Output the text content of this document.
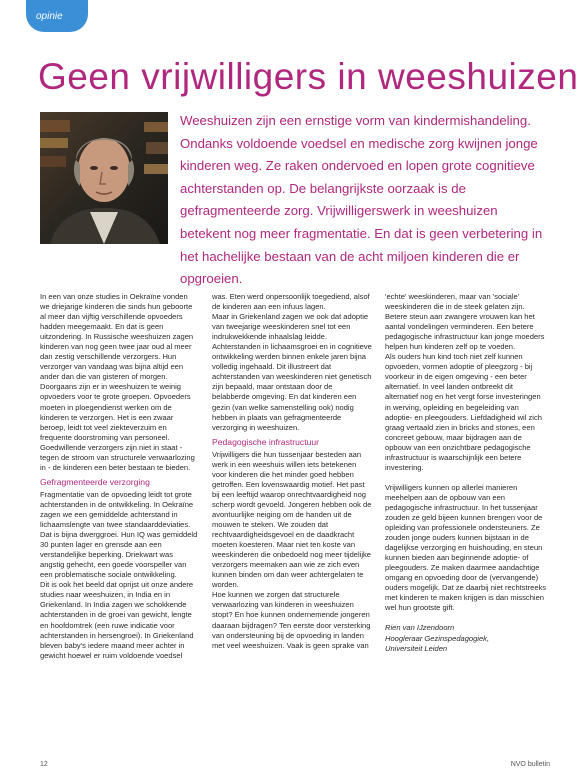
opinie
Geen vrijwilligers in weeshuizen
Weeshuizen zijn een ernstige vorm van kindermishandeling. Ondanks voldoende voedsel en medische zorg kwijnen jonge kinderen weg. Ze raken ondervoed en lopen grote cognitieve achterstanden op. De belangrijkste oorzaak is de gefragmenteerde zorg. Vrijwilligerswerk in weeshuizen betekent nog meer fragmentatie. En dat is geen verbetering in het hachelijke bestaan van de acht miljoen kinderen die er opgroeien.

In een van onze studies in Oekraïne vonden we driejarige kinderen die sinds hun geboorte al meer dan vijftig verschillende opvoeders hadden meegemaakt. En dat is geen uitzondering. In Russische weeshuizen zagen kinderen van nog geen twee jaar oud al meer dan zestig verschillende verzorgers. Hun verzorger van vandaag was bijna altijd een ander dan die van gisteren of morgen. Doorgaans zijn er in weeshuizen te weinig opvoeders voor te grote groepen. Opvoeders moeten in ploegendienst werken om de kinderen te verzorgen. Het is een zwaar beroep, leidt tot veel ziekteverzuim en frequente doorstroming van personeel. Goedwillende verzorgers zijn niet in staat - tegen de stroom van structurele verwaarlozing in - de kinderen een beter bestaan te bieden.

Gefragmenteerde verzorging

Fragmentatie van de opvoeding leidt tot grote achterstanden in de ontwikkeling. In Oekraïne zagen we een gemiddelde achterstand in lichaamslengte van twee standaarddeviaties. Dat is bijna dwerggroei. Hun IQ was gemiddeld 30 punten lager en grensde aan een verstandelijke beperking. Driekwart was angstig gehecht, een goede voorspeller van een problematische sociale ontwikkeling.

Dit is ook het beeld dat oprijst uit onze andere studies naar weeshuizen, in India en in Griekenland. In India zagen we schokkende achterstanden in de groei van gewicht, lengte en hoofdomtrek (een ruwe indicatie voor achterstanden in hersengroei). In Griekenland bleven baby's iedere maand meer achter in gewicht hoewel er ruim voldoende voedsel

was. Eten werd onpersoonlijk toegediend, alsof de kinderen aan een infuus lagen.

Maar in Griekenland zagen we ook dat adoptie van tweejarige weeskinderen snel tot een indrukwekkende inhaalslag leidde. Achterstanden in lichaamsgroei en in cognitieve ontwikkeling werden binnen enkele jaren bijna volledig ingehaald. Dit illustreert dat achterstanden van weeskinderen niet genetisch zijn bepaald, maar ontstaan door de belabberde omgeving. En dat kinderen een gezin (van welke samenstelling ook) nodig hebben in plaats van gefragmenteerde verzorging in weeshuizen.

Pedagogische infrastructuur

Vrijwilligers die hun tussenjaar besteden aan werk in een weeshuis willen iets betekenen voor kinderen die het minder goed hebben getroffen. Een lovenswaardig motief. Het past bij een leeftijd waarop onrechtvaardigheid nog scherp wordt gevoeld. Jongeren hebben ook de avontuurlijke neiging om de handen uit de mouwen te steken. We zouden dat rechtvaardigheidsgevoel en de daadkracht moeten koesteren. Maar niet ten koste van weeskinderen die onbedoeld nog meer tijdelijke verzorgers meemaken aan wie ze zich even kunnen binden om dan weer achtergelaten te worden.

Hoe kunnen we zorgen dat structurele verwaarlozing van kinderen in weeshuizen stopt? En hoe kunnen ondernemende jongeren daaraan bijdragen? Ten eerste door versterking van ondersteuning bij de opvoeding in landen met veel weeshuizen. Vaak is geen sprake van

'echte' weeskinderen, maar van 'sociale' weeskinderen die in de steek gelaten zijn. Betere steun aan zwangere vrouwen kan het aantal vondelingen verminderen. Een betere pedagogische infrastructuur kan jonge moeders helpen hun kinderen zelf op te voeden.

Als ouders hun kind toch niet zelf kunnen opvoeden, vormen adoptie of pleegzorg - bij voorkeur in de eigen omgeving - een beter alternatief. In veel landen ontbreekt dit alternatief nog en het vergt forse investeringen in werving, opleiding en begeleiding van adoptie- en pleegouders. Liefdadigheid wil zich graag vertaald zien in bricks and stones, een concreet gebouw, maar bijdragen aan de opbouw van een onzichtbare pedagogische infrastructuur is waarschijnlijk een betere investering.

Vrijwilligers kunnen op allerlei manieren meehelpen aan de opbouw van een pedagogische infrastructuur. In het tussenjaar zouden ze geld bijeen kunnen brengen voor de opleiding van professionele ondersteuners. Ze zouden jonge ouders kunnen bijstaan in de dagelijkse verzorging en huishouding, en steun kunnen bieden aan beginnende adoptie- of pleegouders. Ze maken daarmee aandachtige omgang en opvoeding door de (vervangende) ouders mogelijk. Dat ze daarbij niet rechtstreeks met kinderen te maken krijgen is dan misschien wel hun grootste gift.

Rien van IJzendoorn

Hoogleraar Gezinspedagogiek,

Universiteit Leiden

12	NVO bulletin
